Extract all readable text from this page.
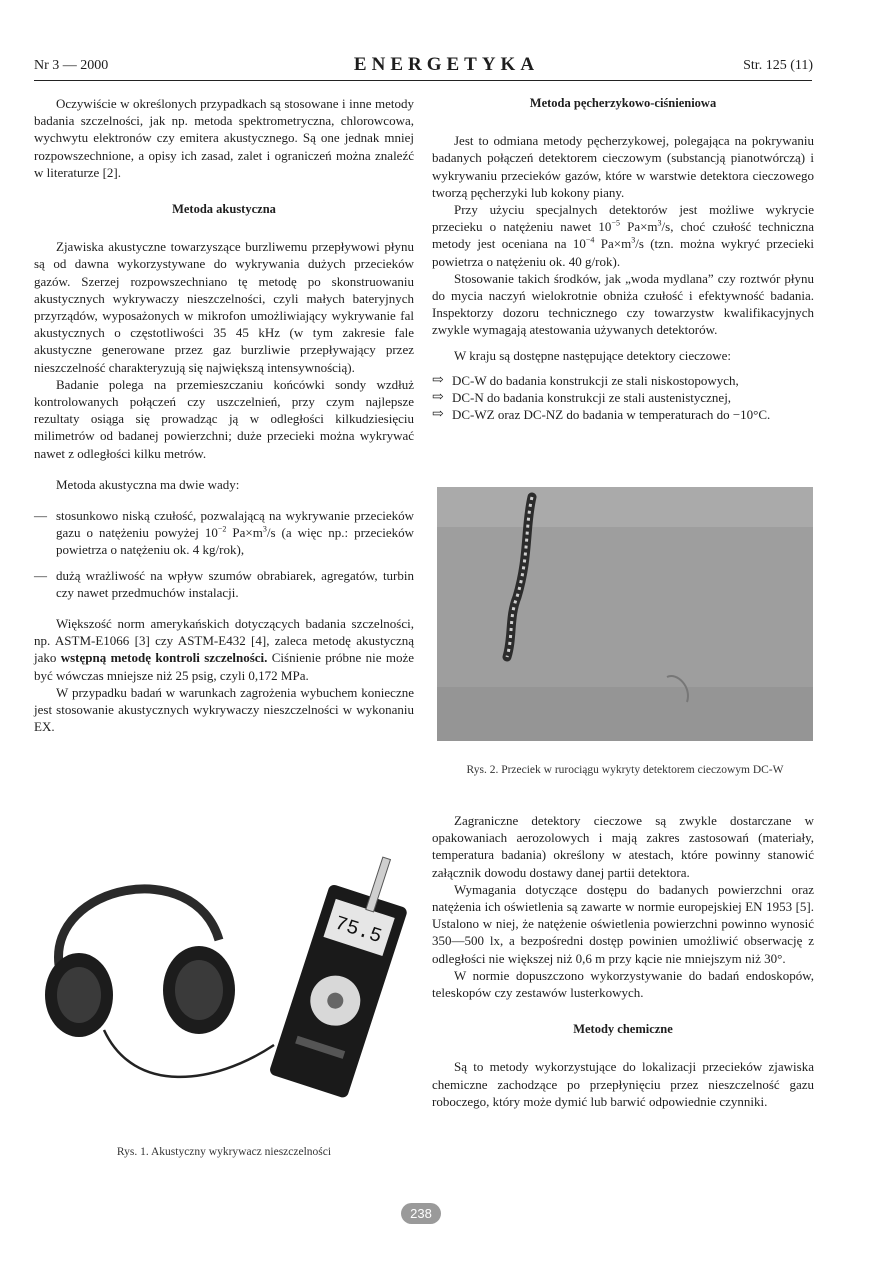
Nr 3 — 2000	ENERGETYKA	Str. 125 (11)

Oczywiście w określonych przypadkach są stosowane i inne metody badania szczelności, jak np. metoda spektrometryczna, chlorowcowa, wychwytu elektronów czy emitera akustycznego. Są one jednak mniej rozpowszechnione, a opisy ich zasad, zalet i ograniczeń można znaleźć w literaturze [2].

Metoda akustyczna

Zjawiska akustyczne towarzyszące burzliwemu przepływowi płynu są od dawna wykorzystywane do wykrywania dużych przecieków gazów. Szerzej rozpowszechniano tę metodę po skonstruowaniu akustycznych wykrywaczy nieszczelności, czyli małych bateryjnych przyrządów, wyposażonych w mikrofon umożliwiający wykrywanie fal akustycznych o częstotliwości 35 45 kHz (w tym zakresie fale akustyczne generowane przez gaz burzliwie przepływający przez nieszczelność charakteryzują się największą intensywnością).

Badanie polega na przemieszczaniu końcówki sondy wzdłuż kontrolowanych połączeń czy uszczelnień, przy czym najlepsze rezultaty osiąga się prowadząc ją w odległości kilkudziesięciu milimetrów od badanej powierzchni; duże przecieki można wykrywać nawet z odległości kilku metrów.

Metoda akustyczna ma dwie wady:

— stosunkowo niską czułość, pozwalającą na wykrywanie przecieków gazu o natężeniu powyżej $10^{-2}$ $Pa\times m^3/s$ (a więc np.: przecieków powietrza o natężeniu ok. 4 kg/rok),
— dużą wrażliwość na wpływ szumów obrabiarek, agregatów, turbin czy nawet przedmuchów instalacji.

Większość norm amerykańskich dotyczących badania szczelności, np. ASTM-E1066 [3] czy ASTM-E432 [4], zaleca metodę akustyczną jako wstępną metodę kontroli szczelności. Ciśnienie próbne nie może być wówczas mniejsze niż 25 psig, czyli 0,172 MPa.

W przypadku badań w warunkach zagrożenia wybuchem konieczne jest stosowanie akustycznych wykrywaczy nieszczelności w wykonaniu EX.

75.5
Rys. 1. Akustyczny wykrywacz nieszczelności
Metoda pęcherzykowo-ciśnieniowa

Jest to odmiana metody pęcherzykowej, polegająca na pokrywaniu badanych połączeń detektorem cieczowym (substancją pianotwórczą) i wykrywaniu przecieków gazów, które w warstwie detektora cieczowego tworzą pęcherzyki lub kokony piany.

Przy użyciu specjalnych detektorów jest możliwe wykrycie przecieku o natężeniu nawet $10^{-5}$ $Pa\times m^3/s$, choć czułość techniczna metody jest oceniana na $10^{-4}$ $Pa\times m^3/s$ (tzn. można wykryć przecieki powietrza o natężeniu ok. 40 g/rok).

Stosowanie takich środków, jak „woda mydlana” czy roztwór płynu do mycia naczyń wielokrotnie obniża czułość i efektywność badania. Inspektorzy dozoru technicznego czy towarzystw kwalifikacyjnych zwykle wymagają atestowania używanych detektorów.

W kraju są dostępne następujące detektory cieczowe:

⇨ DC-W do badania konstrukcji ze stali niskostopowych,
⇨ DC-N do badania konstrukcji ze stali austenistycznej,
⇨ DC-WZ oraz DC-NZ do badania w temperaturach do −10°C.
Rys. 2. Przeciek w rurociągu wykryty detektorem cieczowym DC-W

Zagraniczne detektory cieczowe są zwykle dostarczane w opakowaniach aerozolowych i mają zakres zastosowań (materiały, temperatura badania) określony w atestach, które powinny stanowić załącznik dowodu dostawy danej partii detektora.

Wymagania dotyczące dostępu do badanych powierzchni oraz natężenia ich oświetlenia są zawarte w normie europejskiej EN 1953 [5]. Ustalono w niej, że natężenie oświetlenia powierzchni powinno wynosić 350—500 lx, a bezpośredni dostęp powinien umożliwić obserwację z odległości nie większej niż 0,6 m przy kącie nie mniejszym niż 30°.

W normie dopuszczono wykorzystywanie do badań endoskopów, teleskopów czy zestawów lusterkowych.

Metody chemiczne

Są to metody wykorzystujące do lokalizacji przecieków zjawiska chemiczne zachodzące po przepłynięciu przez nieszczelność gazu roboczego, który może dymić lub barwić odpowiednie czynniki.

238
